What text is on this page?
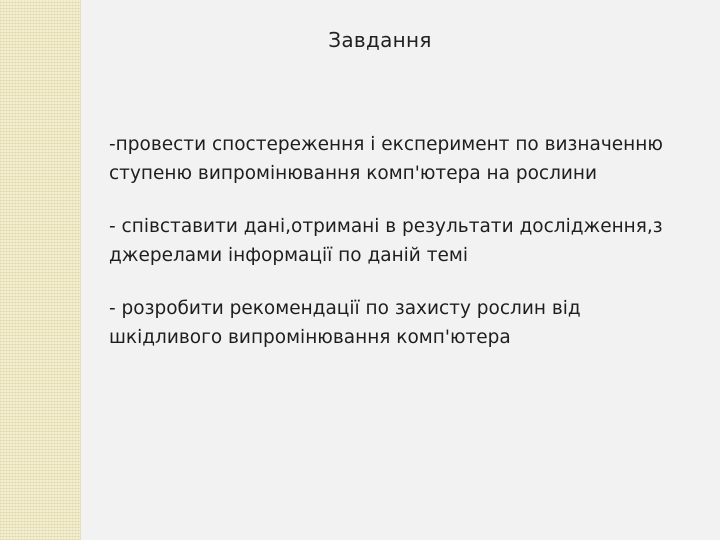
Завдання

-провести спостереження і експеримент по визначенню ступеню випромінювання комп'ютера на рослини

- співставити дані,отримані в результати дослідження,з джерелами інформації по даній темі

- розробити рекомендації по захисту рослин від шкідливого випромінювання комп'ютера
